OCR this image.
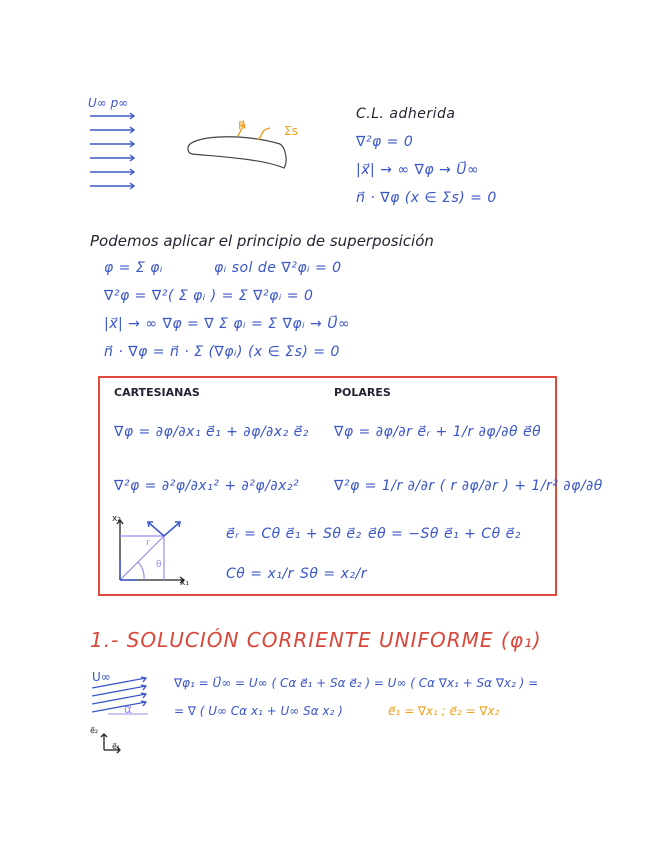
U∞ p∞
n⃗	Σs
C.L. adherida
∇²φ = 0
|x⃗| → ∞ ∇φ → U⃗∞
n⃗ · ∇φ (x ∈ Σs) = 0
Podemos aplicar el principio de superposición
φ = Σ φᵢ	φᵢ sol de ∇²φᵢ = 0
∇²φ = ∇²( Σ φᵢ ) = Σ ∇²φᵢ = 0
|x⃗| → ∞ ∇φ = ∇ Σ φᵢ = Σ ∇φᵢ → U⃗∞
n⃗ · ∇φ = n⃗ · Σ (∇φᵢ) (x ∈ Σs) = 0
CARTESIANAS	POLARES
∇φ = ∂φ/∂x₁ e⃗₁ + ∂φ/∂x₂ e⃗₂ ∇φ = ∂φ/∂r e⃗ᵣ + 1/r ∂φ/∂θ e⃗θ
∇²φ = ∂²φ/∂x₁² + ∂²φ/∂x₂² ∇²φ = 1/r ∂/∂r ( r ∂φ/∂r ) + 1/r² ∂φ/∂θ
x₂
x₁
r
θ
e⃗ᵣ = Cθ e⃗₁ + Sθ e⃗₂ e⃗θ = −Sθ e⃗₁ + Cθ e⃗₂
Cθ = x₁/r Sθ = x₂/r
1.- SOLUCIÓN CORRIENTE UNIFORME (φ₁)
U∞
α
∇φ₁ = U⃗∞ = U∞ ( Cα e⃗₁ + Sα e⃗₂ ) = U∞ ( Cα ∇x₁ + Sα ∇x₂ ) =
= ∇ ( U∞ Cα x₁ + U∞ Sα x₂ )	e⃗₁ = ∇x₁ ; e⃗₂ = ∇x₂
e⃗₂
e⃗₁
